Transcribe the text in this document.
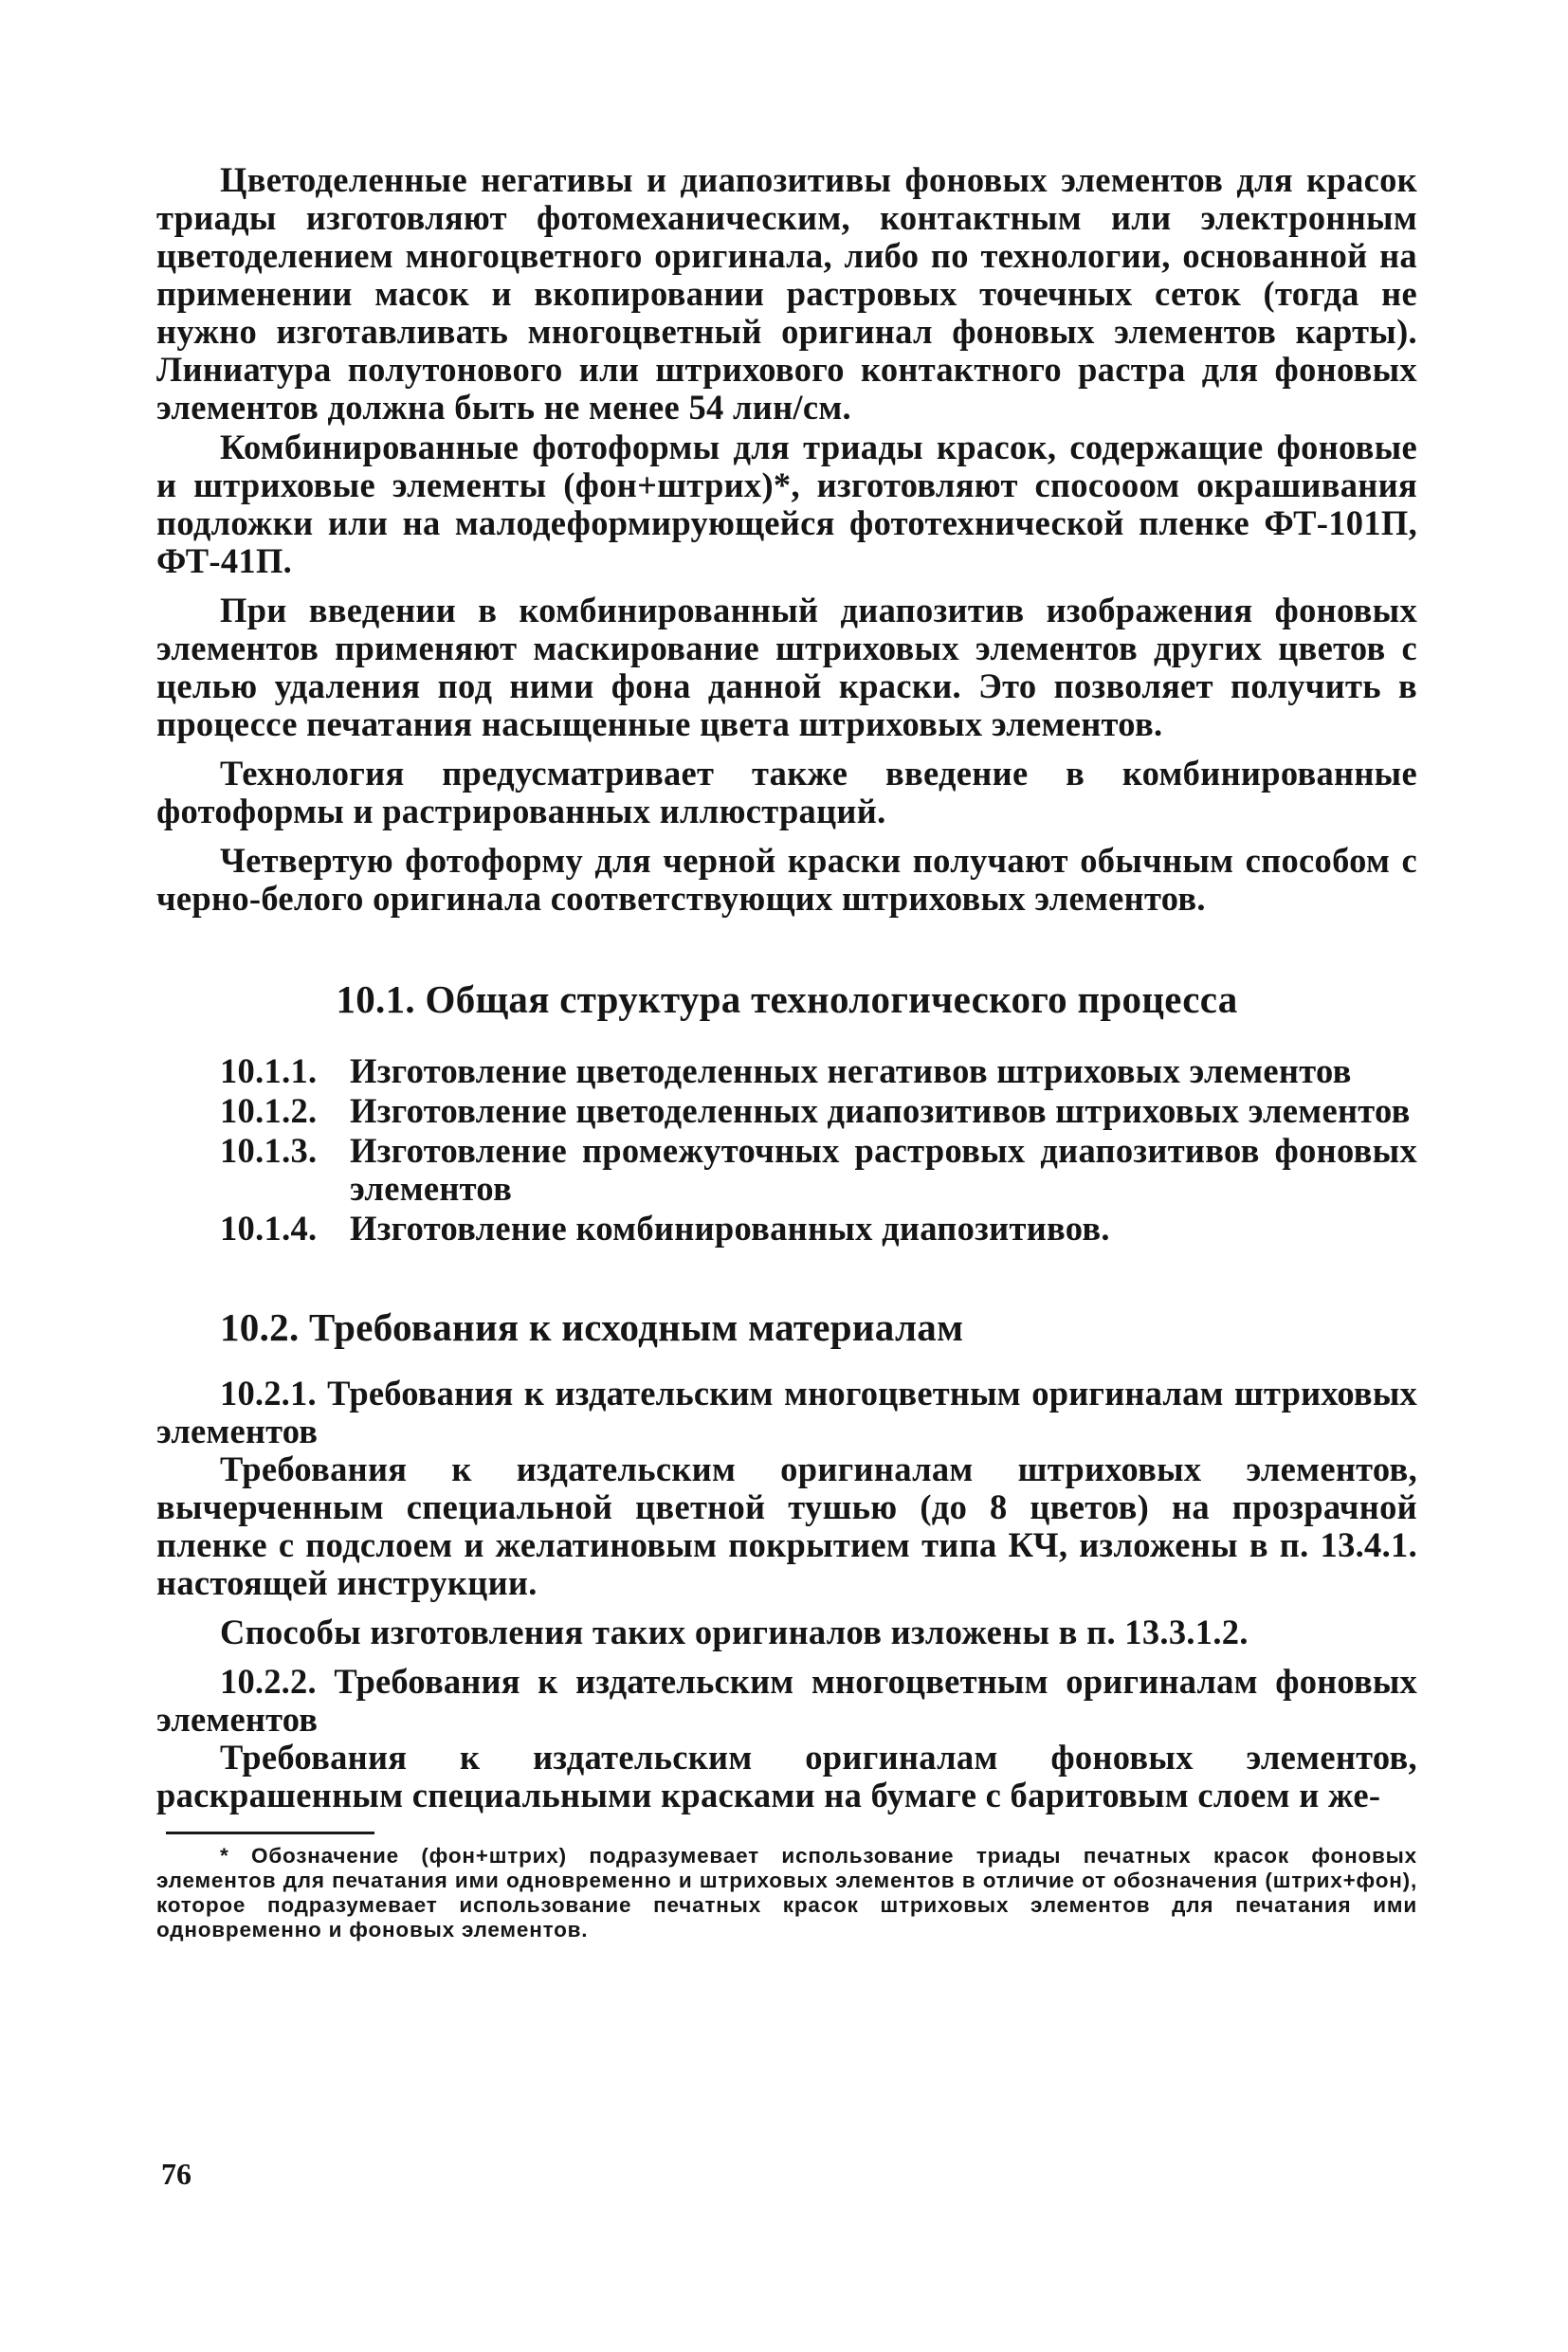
Цветоделенные негативы и диапозитивы фоновых элементов для красок триады изготовляют фотомеханическим, контактным или электронным цветоделением многоцветного оригинала, либо по технологии, основанной на применении масок и вкопировании растровых точечных сеток (тогда не нужно изготавливать многоцветный оригинал фоновых элементов карты). Линиатура полутонового или штрихового контактного растра для фоновых элементов должна быть не менее 54 лин/см.

Комбинированные фотоформы для триады красок, содержащие фоновые и штриховые элементы (фон+штрих)*, изготовляют спосооом окрашивания подложки или на малодеформирующейся фототехнической пленке ФТ-101П, ФТ-41П.

При введении в комбинированный диапозитив изображения фоновых элементов применяют маскирование штриховых элементов других цветов с целью удаления под ними фона данной краски. Это позволяет получить в процессе печатания насыщенные цвета штриховых элементов.

Технология предусматривает также введение в комбинированные фотоформы и растрированных иллюстраций.

Четвертую фотоформу для черной краски получают обычным способом с черно-белого оригинала соответствующих штриховых элементов.

10.1. Общая структура технологического процесса
10.1.1. Изготовление цветоделенных негативов штриховых элементов
10.1.2. Изготовление цветоделенных диапозитивов штриховых элементов
10.1.3. Изготовление промежуточных растровых диапозитивов фоновых элементов
10.1.4. Изготовление комбинированных диапозитивов.
10.2. Требования к исходным материалам

10.2.1. Требования к издательским многоцветным оригиналам штриховых элементов

Требования к издательским оригиналам штриховых элементов, вычерченным специальной цветной тушью (до 8 цветов) на прозрачной пленке с подслоем и желатиновым покрытием типа КЧ, изложены в п. 13.4.1. настоящей инструкции.

Способы изготовления таких оригиналов изложены в п. 13.3.1.2.

10.2.2. Требования к издательским многоцветным оригиналам фоновых элементов

Требования к издательским оригиналам фоновых элементов, раскрашенным специальными красками на бумаге с баритовым слоем и же-

* Обозначение (фон+штрих) подразумевает использование триады печатных красок фоновых элементов для печатания ими одновременно и штриховых элементов в отличие от обозначения (штрих+фон), которое подразумевает использование печатных красок штриховых элементов для печатания ими одновременно и фоновых элементов.

76
